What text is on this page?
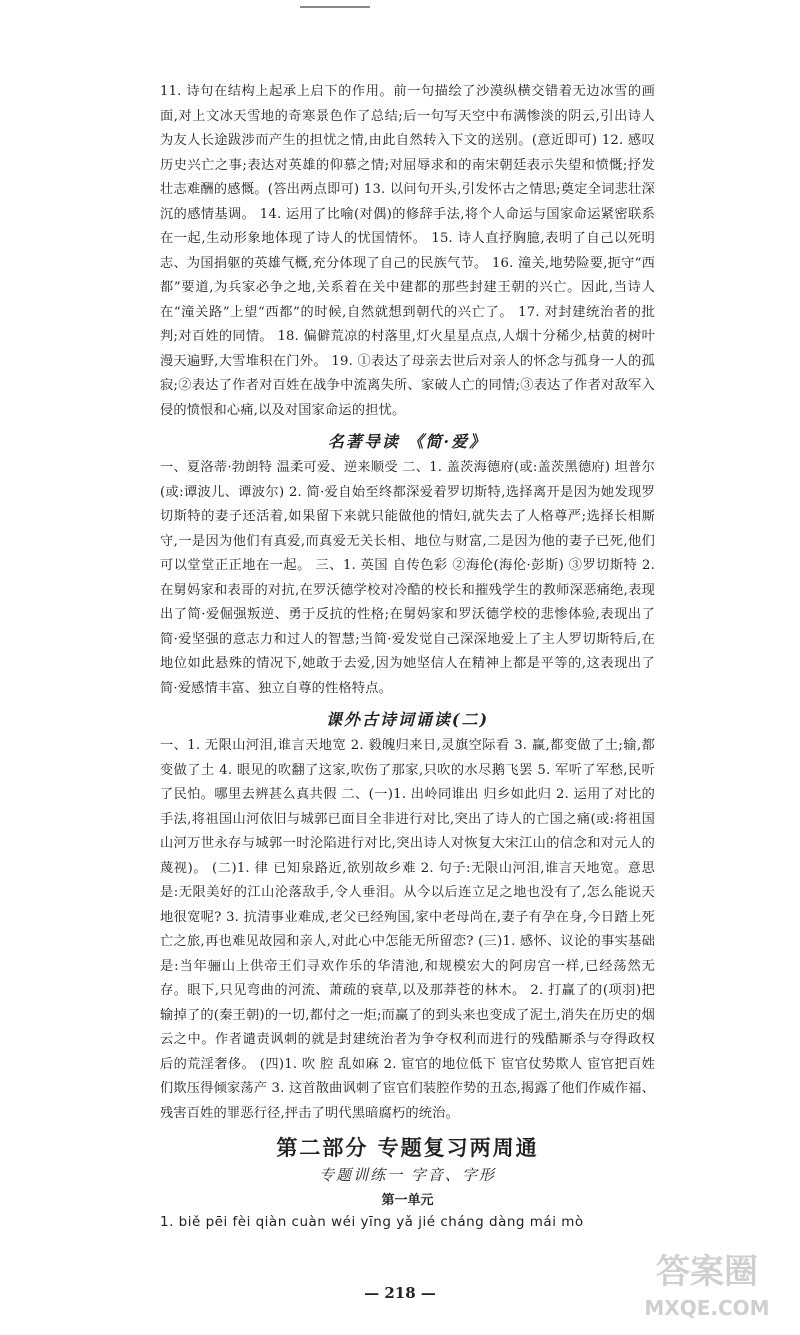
11. 诗句在结构上起承上启下的作用。前一句描绘了沙漠纵横交错着无边冰雪的画面,对上文冰天雪地的奇寒景色作了总结;后一句写天空中布满惨淡的阴云,引出诗人为友人长途跋涉而产生的担忧之情,由此自然转入下文的送别。(意近即可) 12. 感叹历史兴亡之事;表达对英雄的仰慕之情;对屈辱求和的南宋朝廷表示失望和愤慨;抒发壮志难酬的感慨。(答出两点即可) 13. 以问句开头,引发怀古之情思;奠定全词悲壮深沉的感情基调。 14. 运用了比喻(对偶)的修辞手法,将个人命运与国家命运紧密联系在一起,生动形象地体现了诗人的忧国情怀。 15. 诗人直抒胸臆,表明了自己以死明志、为国捐躯的英雄气概,充分体现了自己的民族气节。 16. 潼关,地势险要,扼守“西都”要道,为兵家必争之地,关系着在关中建都的那些封建王朝的兴亡。因此,当诗人在“潼关路”上望“西都”的时候,自然就想到朝代的兴亡了。 17. 对封建统治者的批判;对百姓的同情。 18. 偏僻荒凉的村落里,灯火星星点点,人烟十分稀少,枯黄的树叶漫天遍野,大雪堆积在门外。 19. ①表达了母亲去世后对亲人的怀念与孤身一人的孤寂;②表达了作者对百姓在战争中流离失所、家破人亡的同情;③表达了作者对敌军入侵的愤恨和心痛,以及对国家命运的担忧。

名著导读 《简·爱》

一、夏洛蒂·勃朗特 温柔可爱、逆来顺受 二、1. 盖茨海德府(或:盖茨黑德府) 坦普尔(或:谭波儿、谭波尔) 2. 简·爱自始至终都深爱着罗切斯特,选择离开是因为她发现罗切斯特的妻子还活着,如果留下来就只能做他的情妇,就失去了人格尊严;选择长相厮守,一是因为他们有真爱,而真爱无关长相、地位与财富,二是因为他的妻子已死,他们可以堂堂正正地在一起。 三、1. 英国 自传色彩 ②海伦(海伦·彭斯) ③罗切斯特 2. 在舅妈家和表哥的对抗,在罗沃德学校对冷酷的校长和摧残学生的教师深恶痛绝,表现出了简·爱倔强叛逆、勇于反抗的性格;在舅妈家和罗沃德学校的悲惨体验,表现出了简·爱坚强的意志力和过人的智慧;当简·爱发觉自己深深地爱上了主人罗切斯特后,在地位如此悬殊的情况下,她敢于去爱,因为她坚信人在精神上都是平等的,这表现出了简·爱感情丰富、独立自尊的性格特点。

课外古诗词诵读(二)

一、1. 无限山河泪,谁言天地宽 2. 毅魄归来日,灵旗空际看 3. 赢,都变做了土;输,都变做了土 4. 眼见的吹翻了这家,吹伤了那家,只吹的水尽鹅飞罢 5. 军听了军愁,民听了民怕。哪里去辨甚么真共假 二、(一)1. 出岭同谁出 归乡如此归 2. 运用了对比的手法,将祖国山河依旧与城郭已面目全非进行对比,突出了诗人的亡国之痛(或:将祖国山河万世永存与城郭一时沦陷进行对比,突出诗人对恢复大宋江山的信念和对元人的蔑视)。 (二)1. 律 已知泉路近,欲别故乡难 2. 句子:无限山河泪,谁言天地宽。意思是:无限美好的江山沦落敌手,令人垂泪。从今以后连立足之地也没有了,怎么能说天地很宽呢? 3. 抗清事业难成,老父已经殉国,家中老母尚在,妻子有孕在身,今日踏上死亡之旅,再也难见故园和亲人,对此心中怎能无所留恋? (三)1. 感怀、议论的事实基础是:当年骊山上供帝王们寻欢作乐的华清池,和规模宏大的阿房宫一样,已经荡然无存。眼下,只见弯曲的河流、萧疏的衰草,以及那莽苍的林木。 2. 打赢了的(项羽)把输掉了的(秦王朝)的一切,都付之一炬;而赢了的到头来也变成了泥土,消失在历史的烟云之中。作者谴责讽刺的就是封建统治者为争夺权利而进行的残酷厮杀与夺得政权后的荒淫奢侈。 (四)1. 吹 腔 乱如麻 2. 宦官的地位低下 宦官仗势欺人 宦官把百姓们欺压得倾家荡产 3. 这首散曲讽刺了宦官们装腔作势的丑态,揭露了他们作威作福、残害百姓的罪恶行径,抨击了明代黑暗腐朽的统治。

第二部分 专题复习两周通
专题训练一 字音、字形
第一单元
1. biě pēi fèi qiàn cuàn wéi yīng yǎ jié cháng dàng mái mò
— 218 —
答案圈
MXQE.COM
